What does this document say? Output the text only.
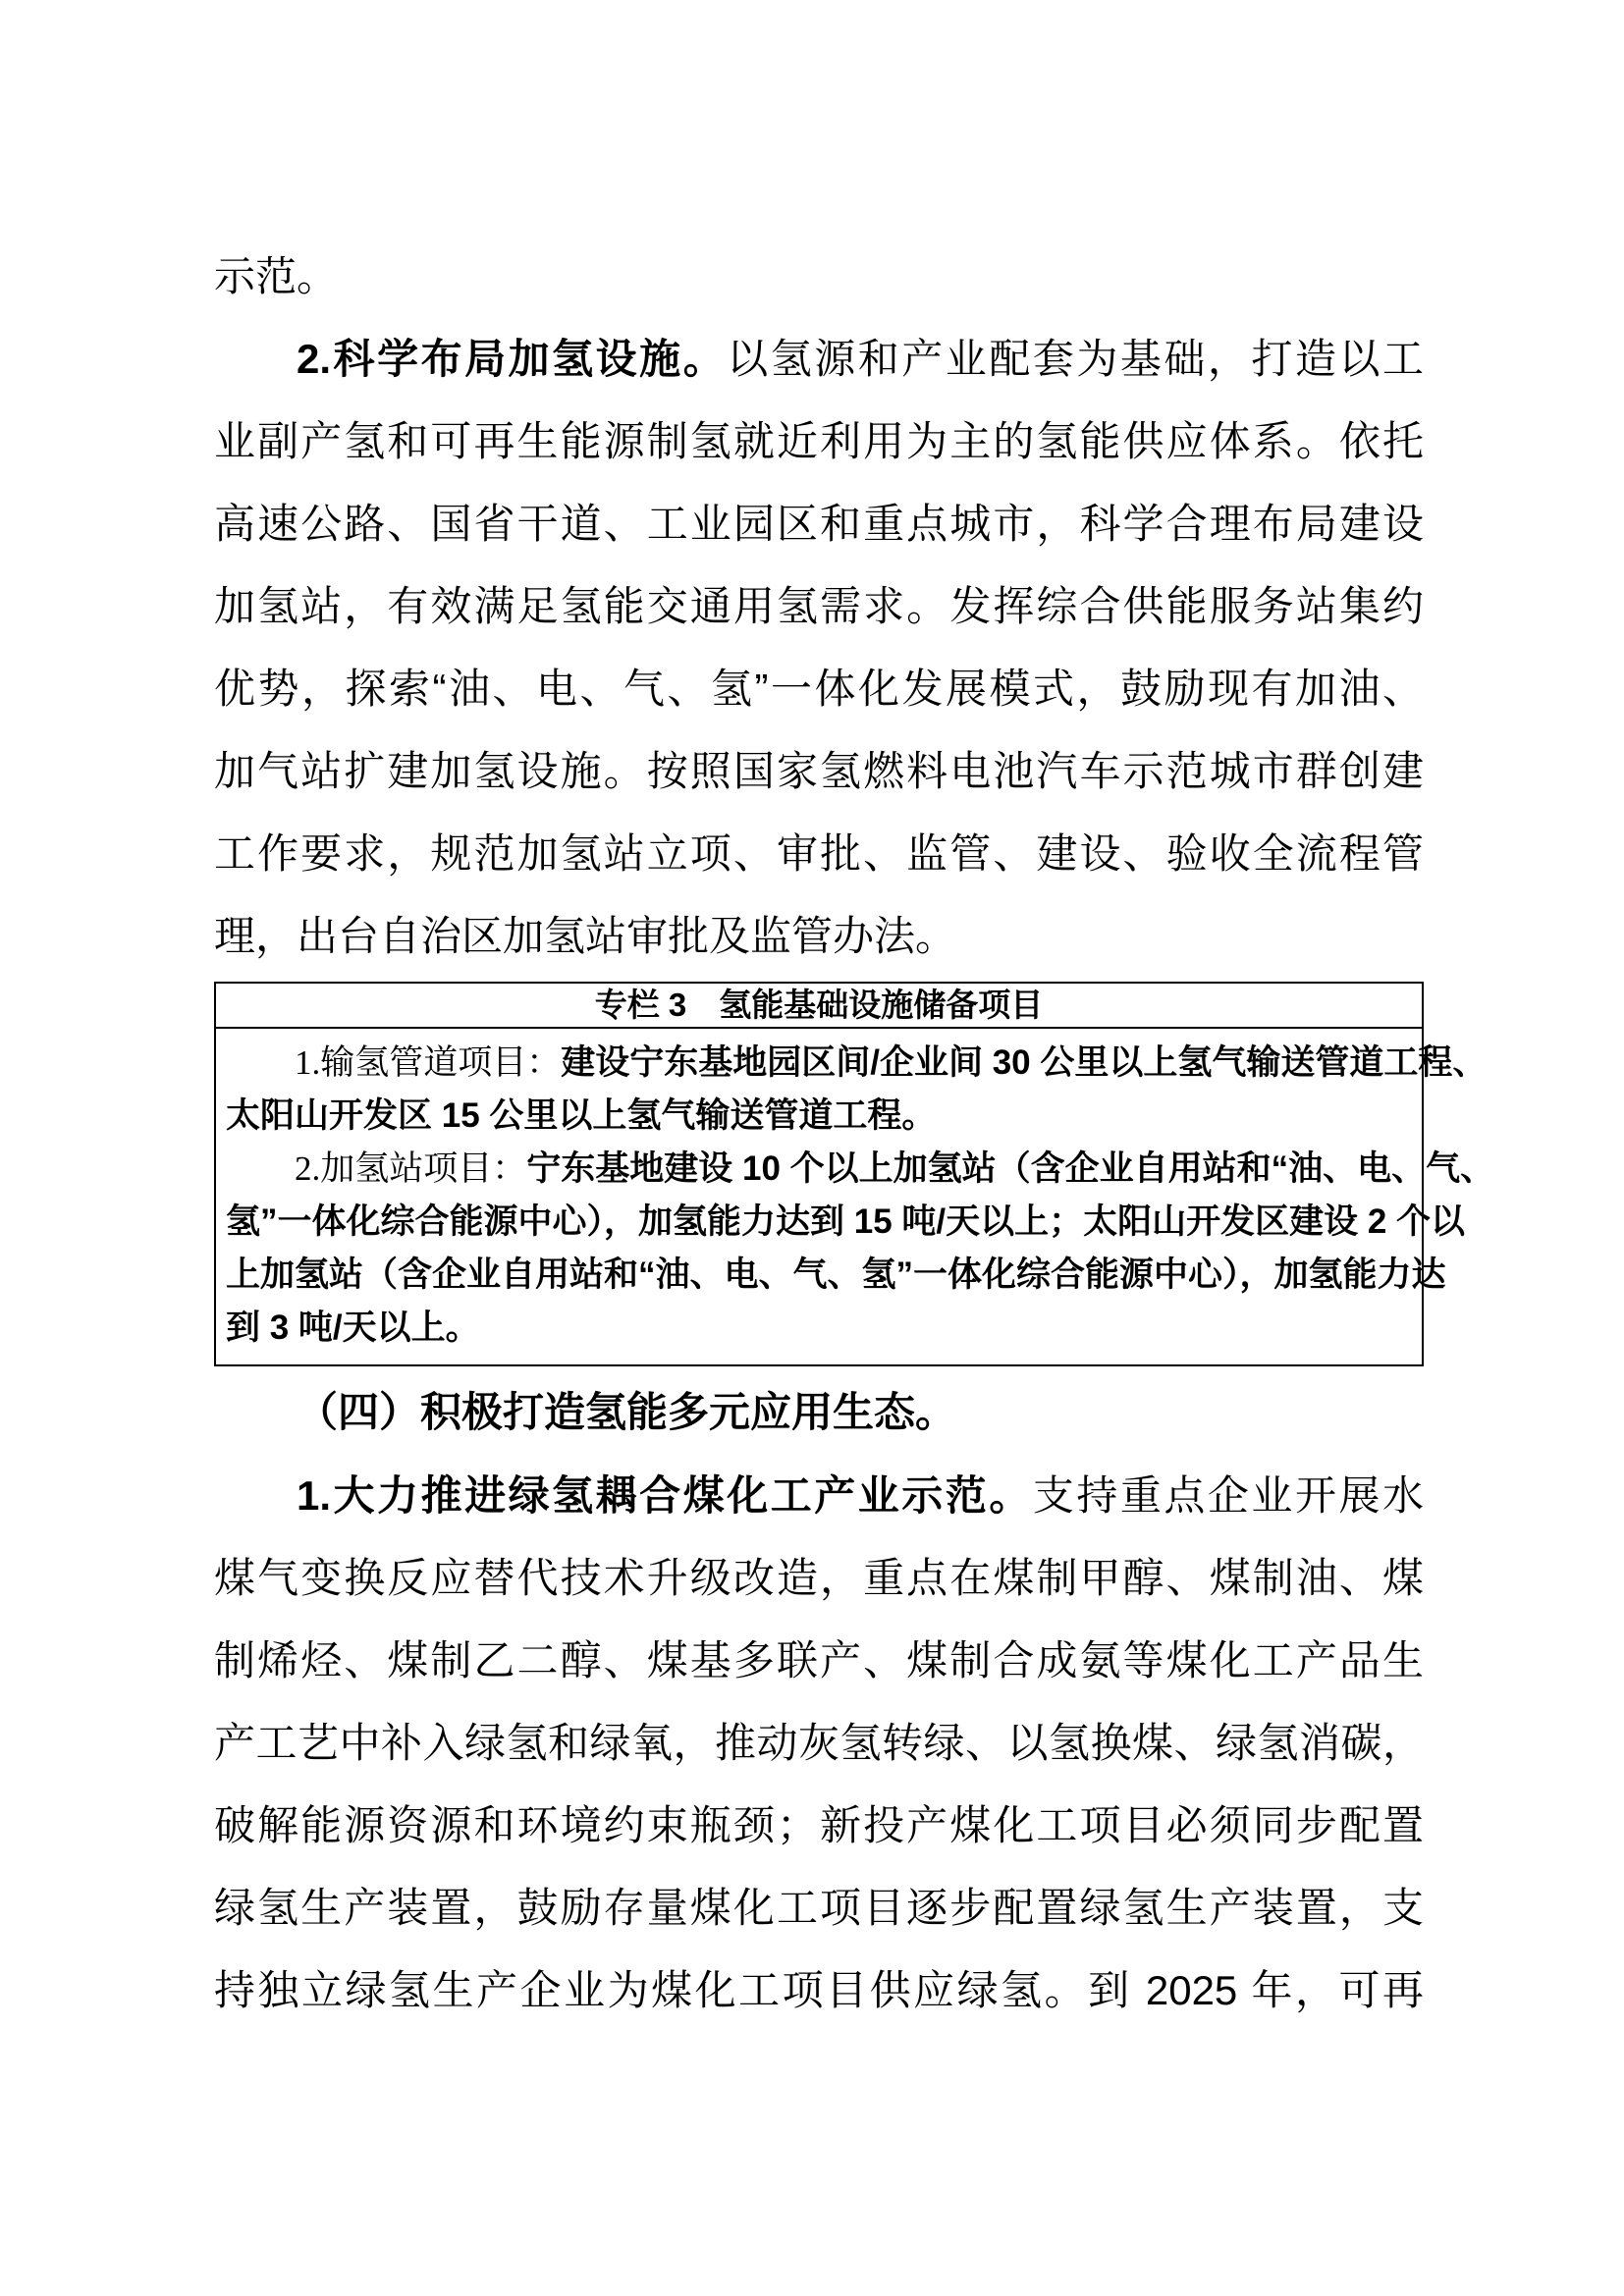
示范。
2.科学布局加氢设施。以氢源和产业配套为基础，打造以工
业副产氢和可再生能源制氢就近利用为主的氢能供应体系。依托
高速公路、国省干道、工业园区和重点城市，科学合理布局建设
加氢站，有效满足氢能交通用氢需求。发挥综合供能服务站集约
优势，探索“油、电、气、氢”一体化发展模式，鼓励现有加油、
加气站扩建加氢设施。按照国家氢燃料电池汽车示范城市群创建
工作要求，规范加氢站立项、审批、监管、建设、验收全流程管
理，出台自治区加氢站审批及监管办法。
专栏 3　氢能基础设施储备项目
1.输氢管道项目：建设宁东基地园区间/企业间 30 公里以上氢气输送管道工程、
太阳山开发区 15 公里以上氢气输送管道工程。
2.加氢站项目：宁东基地建设 10 个以上加氢站（含企业自用站和“油、电、气、
氢”一体化综合能源中心），加氢能力达到 15 吨/天以上；太阳山开发区建设 2 个以
上加氢站（含企业自用站和“油、电、气、氢”一体化综合能源中心），加氢能力达
到 3 吨/天以上。
（四）积极打造氢能多元应用生态。
1.大力推进绿氢耦合煤化工产业示范。支持重点企业开展水
煤气变换反应替代技术升级改造，重点在煤制甲醇、煤制油、煤
制烯烃、煤制乙二醇、煤基多联产、煤制合成氨等煤化工产品生
产工艺中补入绿氢和绿氧，推动灰氢转绿、以氢换煤、绿氢消碳，
破解能源资源和环境约束瓶颈；新投产煤化工项目必须同步配置
绿氢生产装置，鼓励存量煤化工项目逐步配置绿氢生产装置，支
持独立绿氢生产企业为煤化工项目供应绿氢。到 2025 年，可再
